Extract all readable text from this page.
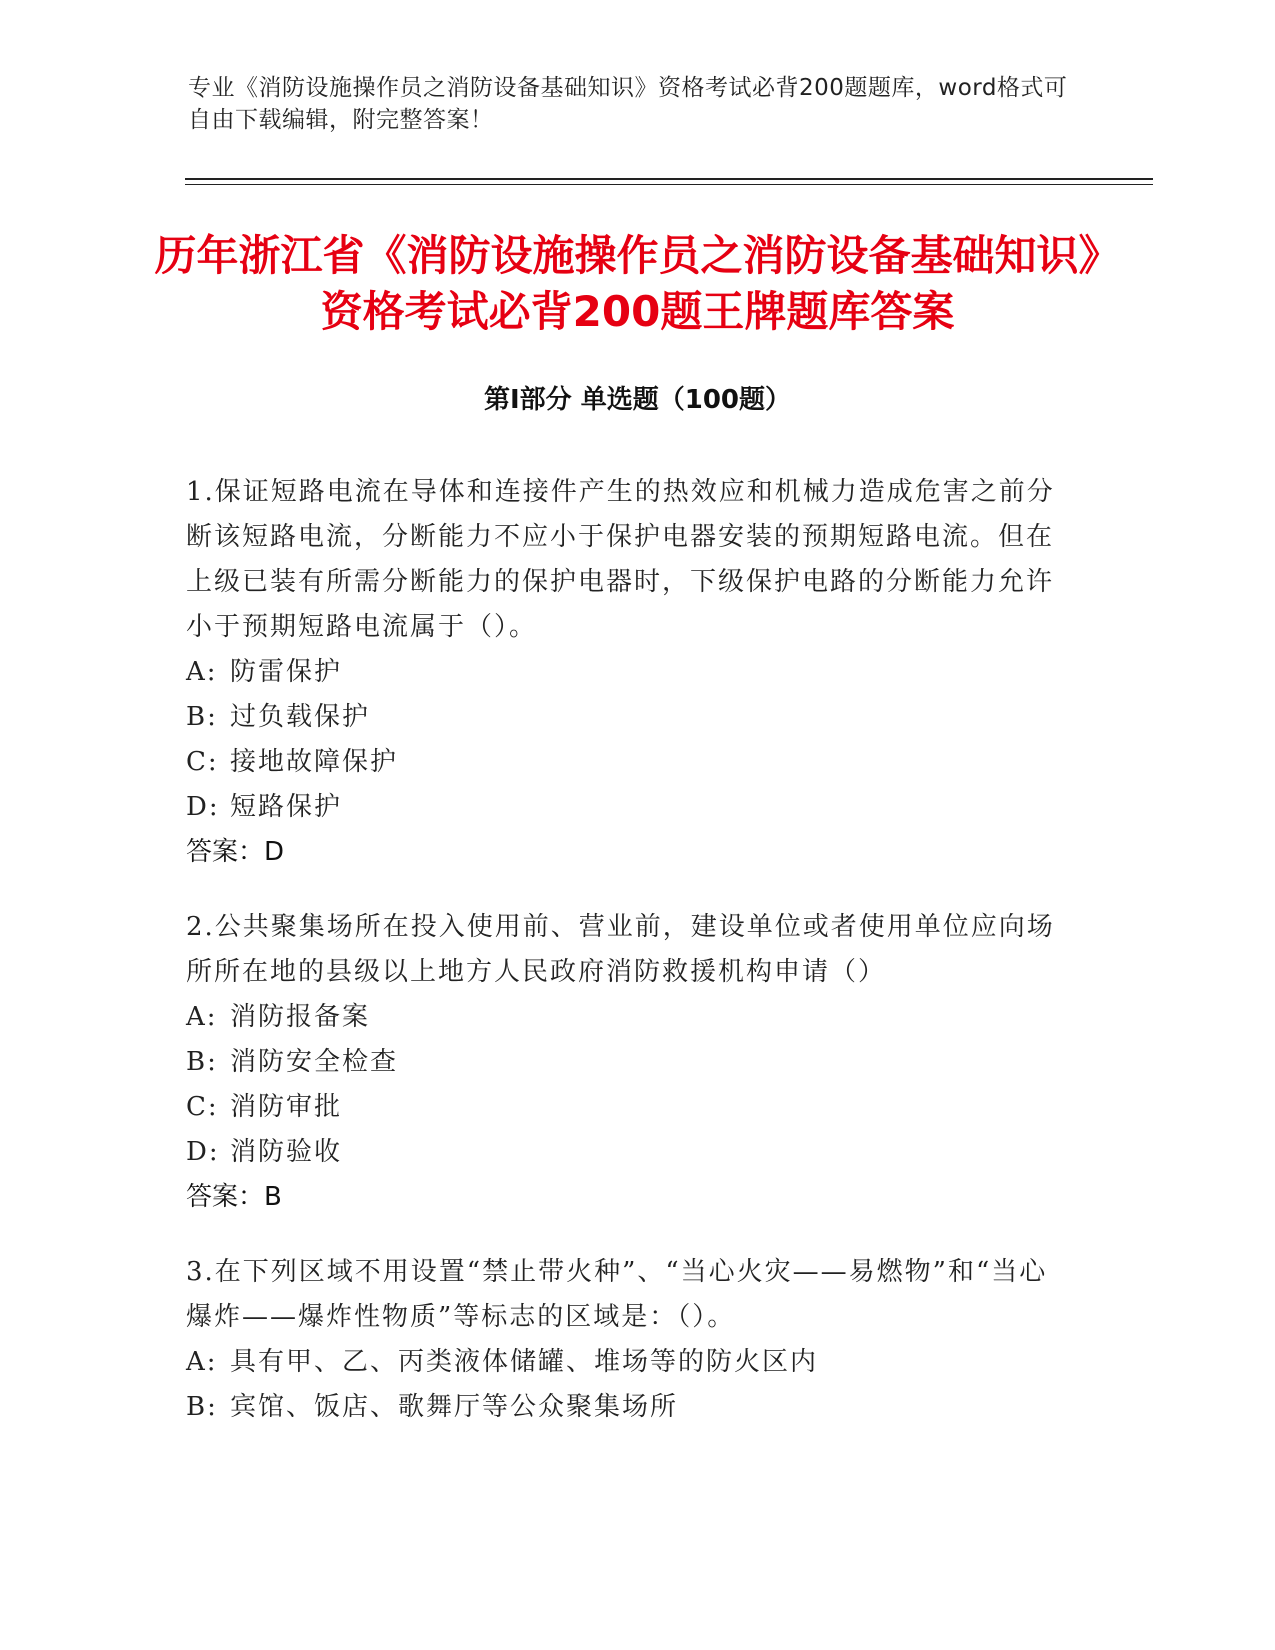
专业《消防设施操作员之消防设备基础知识》资格考试必背200题题库，word格式可自由下载编辑，附完整答案！
历年浙江省《消防设施操作员之消防设备基础知识》资格考试必背200题王牌题库答案
第Ⅰ部分 单选题（100题）

1.保证短路电流在导体和连接件产生的热效应和机械力造成危害之前分断该短路电流，分断能力不应小于保护电器安装的预期短路电流。但在上级已装有所需分断能力的保护电器时，下级保护电路的分断能力允许小于预期短路电流属于（）。

A: 防雷保护

B: 过负载保护

C: 接地故障保护

D: 短路保护

答案：D

2.公共聚集场所在投入使用前、营业前，建设单位或者使用单位应向场所所在地的县级以上地方人民政府消防救援机构申请（）

A: 消防报备案

B: 消防安全检查

C: 消防审批

D: 消防验收

答案：B

3.在下列区域不用设置“禁止带火种”、“当心火灾——易燃物”和“当心爆炸——爆炸性物质”等标志的区域是：（）。

A: 具有甲、乙、丙类液体储罐、堆场等的防火区内

B: 宾馆、饭店、歌舞厅等公众聚集场所
